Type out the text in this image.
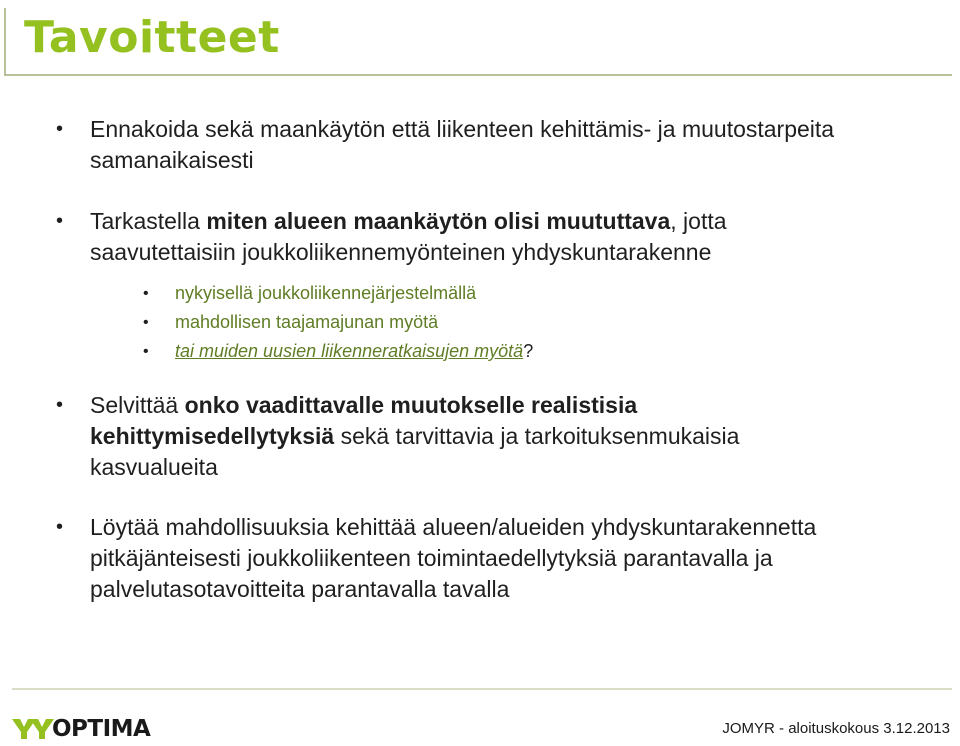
Tavoitteet
• Ennakoida sekä maankäytön että liikenteen kehittämis- ja muutostarpeita
samanaikaisesti
• Tarkastella miten alueen maankäytön olisi muututtava, jotta
saavutettaisiin joukkoliikennemyönteinen yhdyskuntarakenne
• nykyisellä joukkoliikennejärjestelmällä
• mahdollisen taajamajunan myötä
• tai muiden uusien liikenneratkaisujen myötä?
• Selvittää onko vaadittavalle muutokselle realistisia
kehittymisedellytyksiä sekä tarvittavia ja tarkoituksenmukaisia
kasvualueita
• Löytää mahdollisuuksia kehittää alueen/alueiden yhdyskuntarakennetta
pitkäjänteisesti joukkoliikenteen toimintaedellytyksiä parantavalla ja
palvelutasotavoitteita parantavalla tavalla
OPTIMA	JOMYR - aloituskokous 3.12.2013
